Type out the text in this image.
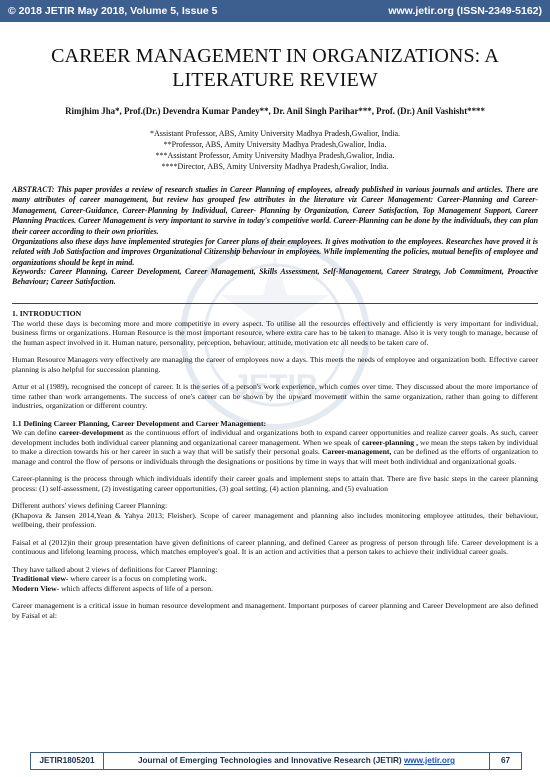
© 2018 JETIR May 2018, Volume 5, Issue 5	www.jetir.org (ISSN-2349-5162)
JETIR
CAREER MANAGEMENT IN ORGANIZATIONS: A LITERATURE REVIEW
Rimjhim Jha*, Prof.(Dr.) Devendra Kumar Pandey**, Dr. Anil Singh Parihar***, Prof. (Dr.) Anil Vashisht****
*Assistant Professor, ABS, Amity University Madhya Pradesh,Gwalior, India.
**Professor, ABS, Amity University Madhya Pradesh,Gwalior, India.
***Assistant Professor, Amity University Madhya Pradesh,Gwalior, India.
****Director, ABS, Amity University Madhya Pradesh,Gwalior, India.

ABSTRACT: This paper provides a review of research studies in Career Planning of employees, already published in various journals and articles. There are many attributes of career management, but review has grouped few attributes in the literature viz Career Management: Career-Planning and Career-Management, Career-Guidance, Career-Planning by Individual, Career- Planning by Organization, Career Satisfaction, Top Management Support, Career Planning Practices. Career Management is very important to survive in today's competitive world. Career-Planning can be done by the individuals, they can plan their career according to their own priorities.

Organizations also these days have implemented strategies for Career plans of their employees. It gives motivation to the employees. Researches have proved it is related with Job Satisfaction and improves Organizational Citizenship behaviour in employees. While implementing the policies, mutual benefits of employee and organizations should be kept in mind.

Keywords: Career Planning, Career Development, Career Management, Skills Assessment, Self-Management, Career Strategy, Job Commitment, Proactive Behaviour; Career Satisfaction.

1. INTRODUCTION

The world these days is becoming more and more competitive in every aspect. To utilise all the resources effectively and efficiently is very important for individual, business firms or organizations. Human Resource is the most important resource, where extra care has to be taken to manage. Also it is very tough to manage, because of the human aspect involved in it. Human nature, personality, perception, behaviour, attitude, motivation etc all needs to be taken care of.

Human Resource Managers very effectively are managing the career of employees now a days. This meets the needs of employee and organization both. Effective career planning is also helpful for succession planning.

Artur et al (1989), recognised the concept of career. It is the series of a person's work experience, which comes over time. They discussed about the more importance of time rather than work arrangements. The success of one's career can be shown by the upward movement within the same organization, rather than going to different industries, organization or different country.

1.1 Defining Career Planning, Career Development and Career Management:

We can define career-development as the continuous effort of individual and organizations both to expand career opportunities and realize career goals. As such, career development includes both individual career planning and organizational career management. When we speak of career-planning , we mean the steps taken by individual to make a direction towards his or her career in such a way that will be satisfy their personal goals. Career-management, can be defined as the efforts of organization to manage and control the flow of persons or individuals through the designations or positions by time in ways that will meet both individual and organizational goals.

Career-planning is the process through which individuals identify their career goals and implement steps to attain that. There are five basic steps in the career planning process: (1) self-assessment, (2) investigating career opportunities, (3) goal setting, (4) action planning, and (5) evaluation

Different authors' views defining Career Planning:

(Khapova & Jansen 2014,Yean & Yahya 2013; Fleisher). Scope of career management and planning also includes monitoring employee attitudes, their behaviour, wellbeing, their profession.

Faisal et al (2012)in their group presentation have given definitions of career planning, and defined Career as progress of person through life. Career development is a continuous and lifelong learning process, which matches employee's goal. It is an action and activities that a person takes to achieve their individual career goals.

They have talked about 2 views of definitions for Career Planning:

Traditional view- where career is a focus on completing work.

Modern View- which affects different aspects of life of a person.

Career management is a critical issue in human resource development and management. Important purposes of career planning and Career Development are also defined by Faisal et al:

JETIR1805201	Journal of Emerging Technologies and Innovative Research (JETIR) www.jetir.org	67
